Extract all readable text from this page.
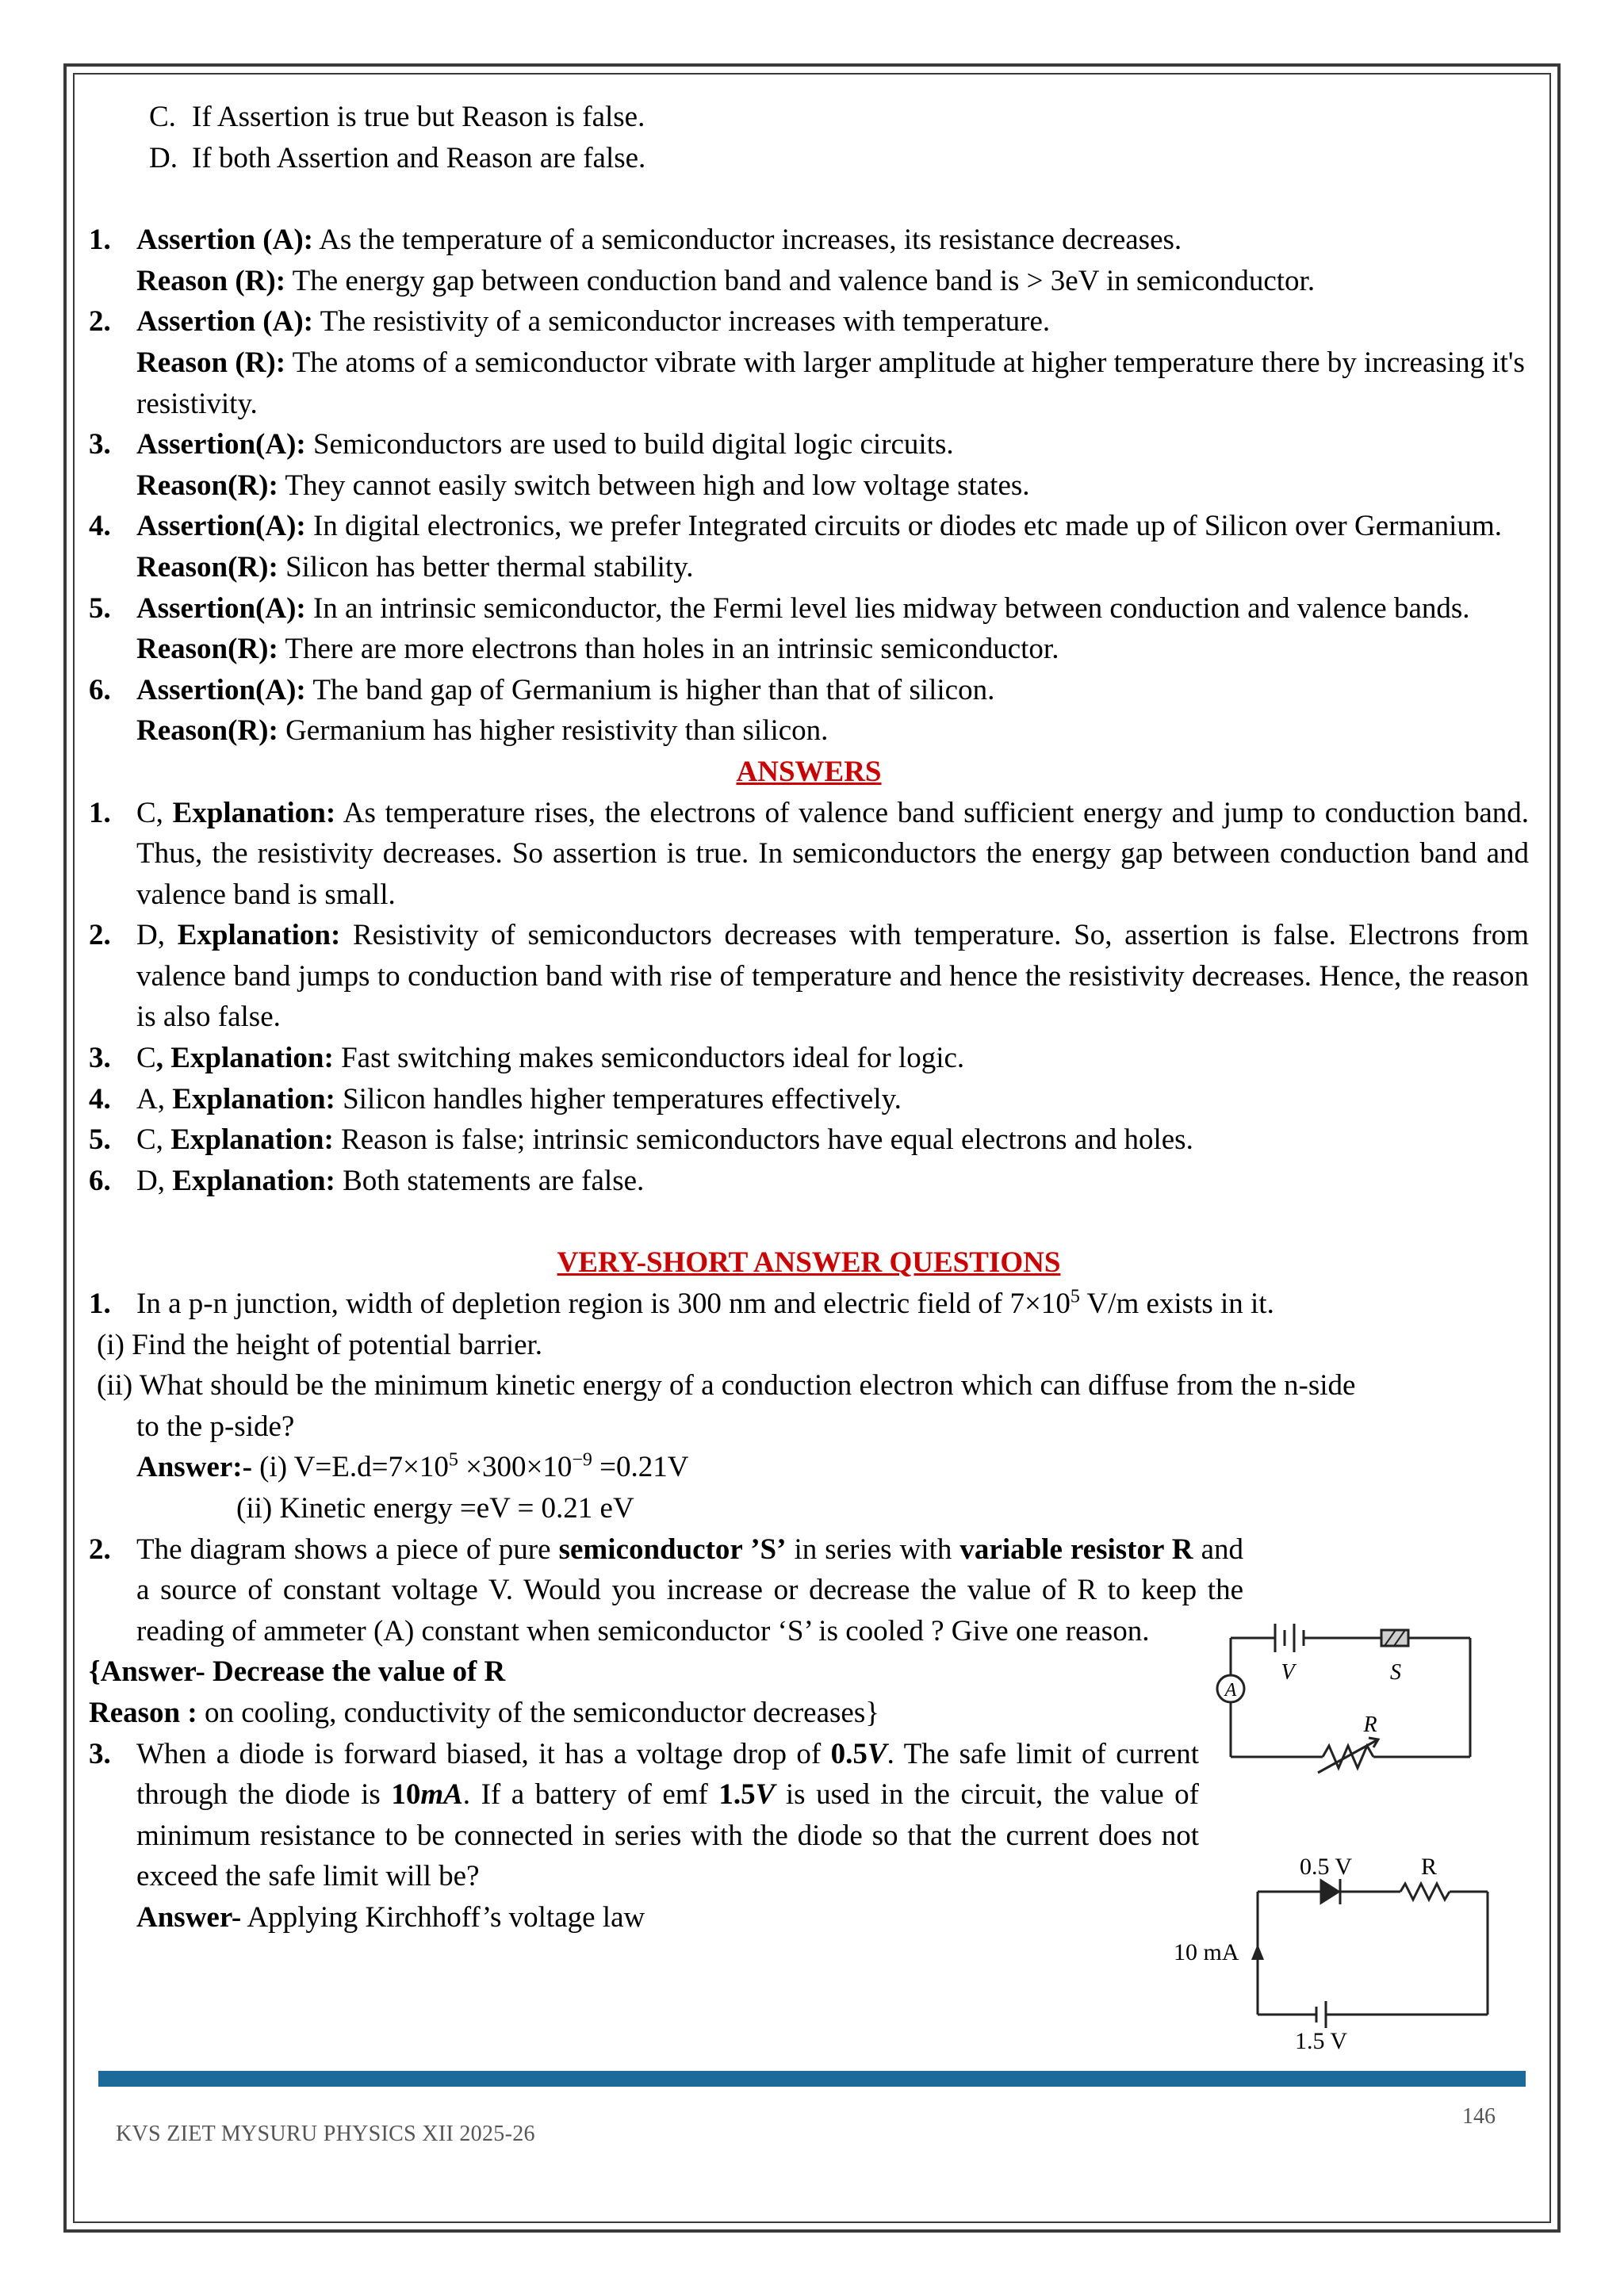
C. If Assertion is true but Reason is false.

D. If both Assertion and Reason are false.

1. Assertion (A): As the temperature of a semiconductor increases, its resistance decreases.

Reason (R): The energy gap between conduction band and valence band is > 3eV in semiconductor.

2. Assertion (A): The resistivity of a semiconductor increases with temperature.

Reason (R): The atoms of a semiconductor vibrate with larger amplitude at higher temperature there by increasing it's resistivity.

3. Assertion(A): Semiconductors are used to build digital logic circuits.

Reason(R): They cannot easily switch between high and low voltage states.

4. Assertion(A): In digital electronics, we prefer Integrated circuits or diodes etc made up of Silicon over Germanium.

Reason(R): Silicon has better thermal stability.

5. Assertion(A): In an intrinsic semiconductor, the Fermi level lies midway between conduction and valence bands.

Reason(R): There are more electrons than holes in an intrinsic semiconductor.

6. Assertion(A): The band gap of Germanium is higher than that of silicon.

Reason(R): Germanium has higher resistivity than silicon.

ANSWERS

1. C, Explanation: As temperature rises, the electrons of valence band sufficient energy and jump to conduction band. Thus, the resistivity decreases. So assertion is true. In semiconductors the energy gap between conduction band and valence band is small.

2. D, Explanation: Resistivity of semiconductors decreases with temperature. So, assertion is false. Electrons from valence band jumps to conduction band with rise of temperature and hence the resistivity decreases. Hence, the reason is also false.

3. C, Explanation: Fast switching makes semiconductors ideal for logic.

4. A, Explanation: Silicon handles higher temperatures effectively.

5. C, Explanation: Reason is false; intrinsic semiconductors have equal electrons and holes.

6. D, Explanation: Both statements are false.

VERY-SHORT ANSWER QUESTIONS

1. In a p-n junction, width of depletion region is 300 nm and electric field of $7\times 10^5$ V/m exists in it.

(i) Find the height of potential barrier.

(ii) What should be the minimum kinetic energy of a conduction electron which can diffuse from the n-side

to the p-side?

Answer:- (i) $V=E.d=7\times 10^5 \times 300\times 10^{-9} =0.21V$

(ii) Kinetic energy =eV = 0.21 eV

2. The diagram shows a piece of pure semiconductor ’S’ in series with variable resistor R and a source of constant voltage V. Would you increase or decrease the value of R to keep the reading of ammeter (A) constant when semiconductor ‘S’ is cooled ? Give one reason.

{Answer- Decrease the value of R

Reason : on cooling, conductivity of the semiconductor decreases}

3. When a diode is forward biased, it has a voltage drop of 0.5V. The safe limit of current through the diode is 10mA. If a battery of emf 1.5V is used in the circuit, the value of minimum resistance to be connected in series with the diode so that the current does not exceed the safe limit will be?

Answer- Applying Kirchhoff’s voltage law

V	S
A
R
0.5 V	R
10 mA
1.5 V
KVS ZIET MYSURU PHYSICS XII 2025-26
146
